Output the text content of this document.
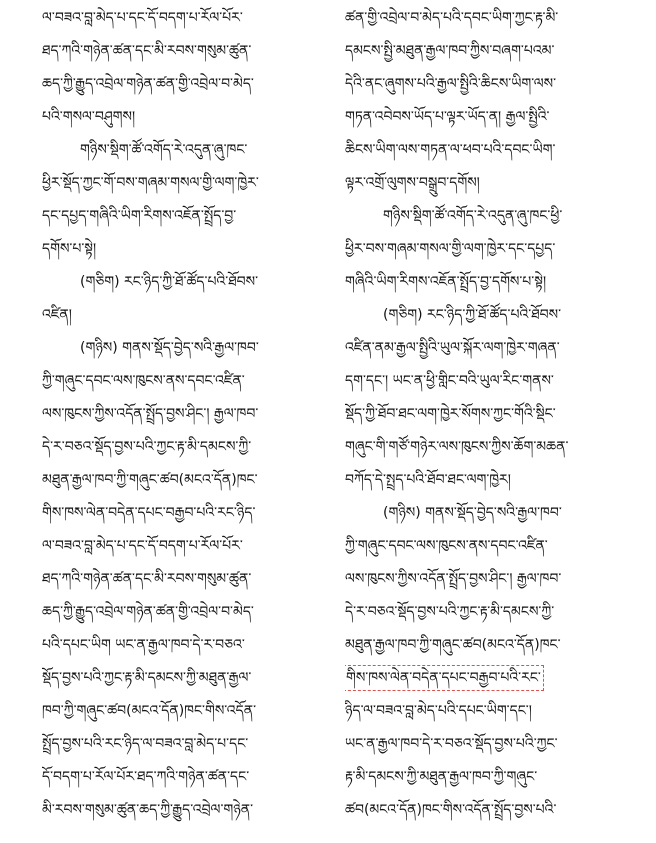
ལ་བཟའ་བླ་མེད་པ་དང་དོ་བདག་པ་རོལ་པོར་
ཐད་ཀའི་གཉེན་ཚན་དང་མི་རབས་གསུམ་ཚུན་
ཆད་ཀྱི་རྒྱུད་འབྲེལ་གཉེན་ཚན་གྱི་འབྲེལ་བ་མེད་
པའི་གསལ་བཤུགས།
གཉིས་སྡིག་ཚོ་འགོད་རེ་འདུན་ཞུ་ཁང་
ཕྱིར་སྡོད་ཀྱང་གོ་བས་གཞམ་གསལ་གྱི་ལག་ཁྱེར་
དང་དཔྱད་གཞིའི་ཡིག་རིགས་འཇོན་སྤྲོད་བྱ་
དགོས་པ་སྟེ།
(གཅིག) རང་ཉིད་ཀྱི་ཐོ་ཚོད་པའི་ཐོབས་
འཛིན།
(གཉིས) གནས་སྡོད་བྱེད་སའི་རྒྱལ་ཁབ་
ཀྱི་གཞུང་དབང་ལས་ཁུངས་ནས་དབང་འཛིན་
ལས་ཁུངས་ཀྱིས་འདོན་སྤྲོད་བྱས་ཤིང་། རྒྱལ་ཁབ་
དེ་ར་བཅའ་སྡོད་བྱས་པའི་ཀྱང་རྟ་མི་དམངས་ཀྱི་
མཐུན་རྒྱལ་ཁབ་ཀྱི་གཞུང་ཚབ(མངའ་དོན)ཁང་
གིས་ཁས་ལེན་བདེན་དཔང་བརྒྱབ་པའི་རང་ཉིད་
ལ་བཟའ་བླ་མེད་པ་དང་དོ་བདག་པ་རོལ་པོར་
ཐད་ཀའི་གཉེན་ཚན་དང་མི་རབས་གསུམ་ཚུན་
ཆད་ཀྱི་རྒྱུད་འབྲེལ་གཉེན་ཚན་གྱི་འབྲེལ་བ་མེད་
པའི་དཔང་ཡིག ཡང་ན་རྒྱལ་ཁབ་དེ་ར་བཅའ་
སྡོད་བྱས་པའི་ཀྱང་རྟ་མི་དམངས་ཀྱི་མཐུན་རྒྱལ་
ཁབ་ཀྱི་གཞུང་ཚབ(མངའ་དོན)ཁང་གིས་འདོན་
སྤྲོད་བྱས་པའི་རང་ཉིད་ལ་བཟའ་བླ་མེད་པ་དང་
དོ་བདག་པ་རོལ་པོར་ཐད་ཀའི་གཉེན་ཚན་དང་
མི་རབས་གསུམ་ཚུན་ཆད་ཀྱི་རྒྱུད་འབྲེལ་གཉེན་
ཚན་གྱི་འབྲེལ་བ་མེད་པའི་དབང་ཡིག་ཀྱང་རྟ་མི་
དམངས་སྤྱི་མཐུན་རྒྱལ་ཁབ་ཀྱིས་བཞག་པའམ་
དེའི་ནང་ཞུགས་པའི་རྒྱལ་སྤྱིའི་ཆིངས་ཡིག་ལས་
གཏན་འབེབས་ཡོད་པ་ལྟར་ཡོད་ན། རྒྱལ་སྤྱིའི་
ཆིངས་ཡིག་ལས་གཏན་ལ་ཕབ་པའི་དབང་ཡིག་
ལྟར་འགྲོ་ལུགས་བསྒྲུབ་དགོས།
གཉིས་སྡིག་ཚོ་འགོད་རེ་འདུན་ཞུ་ཁང་ཕྱི་
ཕྱིར་བས་གཞམ་གསལ་གྱི་ལག་ཁྱེར་དང་དཔྱད་
གཞིའི་ཡིག་རིགས་འཇོན་སྤྲོད་བྱ་དགོས་པ་སྟེ།
(གཅིག) རང་ཉིད་ཀྱི་ཐོ་ཚོད་པའི་ཐོབས་
འཛིན་ནམ་རྒྱལ་སྤྱིའི་ཡུལ་སྐོར་ལག་ཁྱེར་གཞན་
དག་དང་། ཡང་ན་ཕྱི་གླིང་བའི་ཡུལ་རིང་གནས་
སྡོད་ཀྱི་ཐོབ་ཐང་ལག་ཁྱེར་སོགས་ཀྱང་གོའི་སྡིང་
གཞུང་གི་གཙོ་གཉེར་ལས་ཁུངས་ཀྱིས་ཆོག་མཆན་
བཀོད་དེ་སྤྲད་པའི་ཐོབ་ཐང་ལག་ཁྱེར།
(གཉིས) གནས་སྡོད་བྱེད་སའི་རྒྱལ་ཁབ་
ཀྱི་གཞུང་དབང་ལས་ཁུངས་ནས་དབང་འཛིན་
ལས་ཁུངས་ཀྱིས་འདོན་སྤྲོད་བྱས་ཤིང་། རྒྱལ་ཁབ་
དེ་ར་བཅའ་སྡོད་བྱས་པའི་ཀྱང་རྟ་མི་དམངས་ཀྱི་
མཐུན་རྒྱལ་ཁབ་ཀྱི་གཞུང་ཚབ(མངའ་དོན)ཁང་
གིས་ཁས་ལེན་བདེན་དཔང་བརྒྱབ་པའི་རང་
ཉིད་ལ་བཟའ་བླ་མེད་པའི་དཔང་ཡིག་དང་།
ཡང་ན་རྒྱལ་ཁབ་དེ་ར་བཅའ་སྡོད་བྱས་པའི་ཀྱང་
རྟ་མི་དམངས་ཀྱི་མཐུན་རྒྱལ་ཁབ་ཀྱི་གཞུང་
ཚབ(མངའ་དོན)ཁང་གིས་འདོན་སྤྲོད་བྱས་པའི་
